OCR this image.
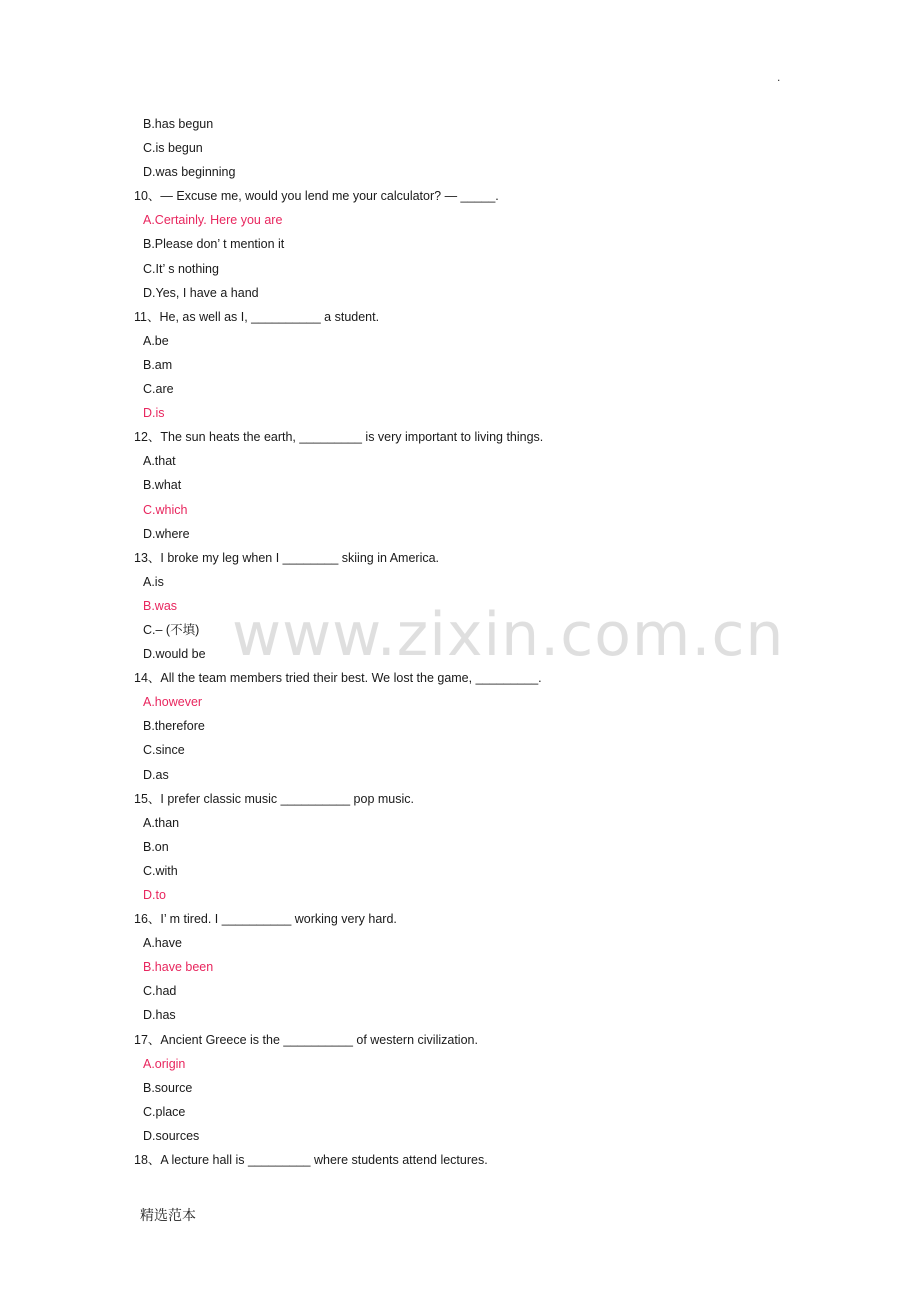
.
B.has begun
C.is begun
D.was beginning
10、— Excuse me, would you lend me your calculator? — _____.
A.Certainly. Here you are
B.Please don’ t mention it
C.It’ s nothing
D.Yes, I have a hand
11、He, as well as I, __________ a student.
A.be
B.am
C.are
D.is
12、The sun heats the earth, _________ is very important to living things.
A.that
B.what
C.which
D.where
13、I broke my leg when I ________ skiing in America.
A.is
B.was
C.– (不填)
D.would be
14、All the team members tried their best. We lost the game, _________.
A.however
B.therefore
C.since
D.as
15、I prefer classic music __________ pop music.
A.than
B.on
C.with
D.to
16、I’ m tired. I __________ working very hard.
A.have
B.have been
C.had
D.has
17、Ancient Greece is the __________ of western civilization.
A.origin
B.source
C.place
D.sources
18、A lecture hall is _________ where students attend lectures.
www.zixin.com.cn
精选范本
